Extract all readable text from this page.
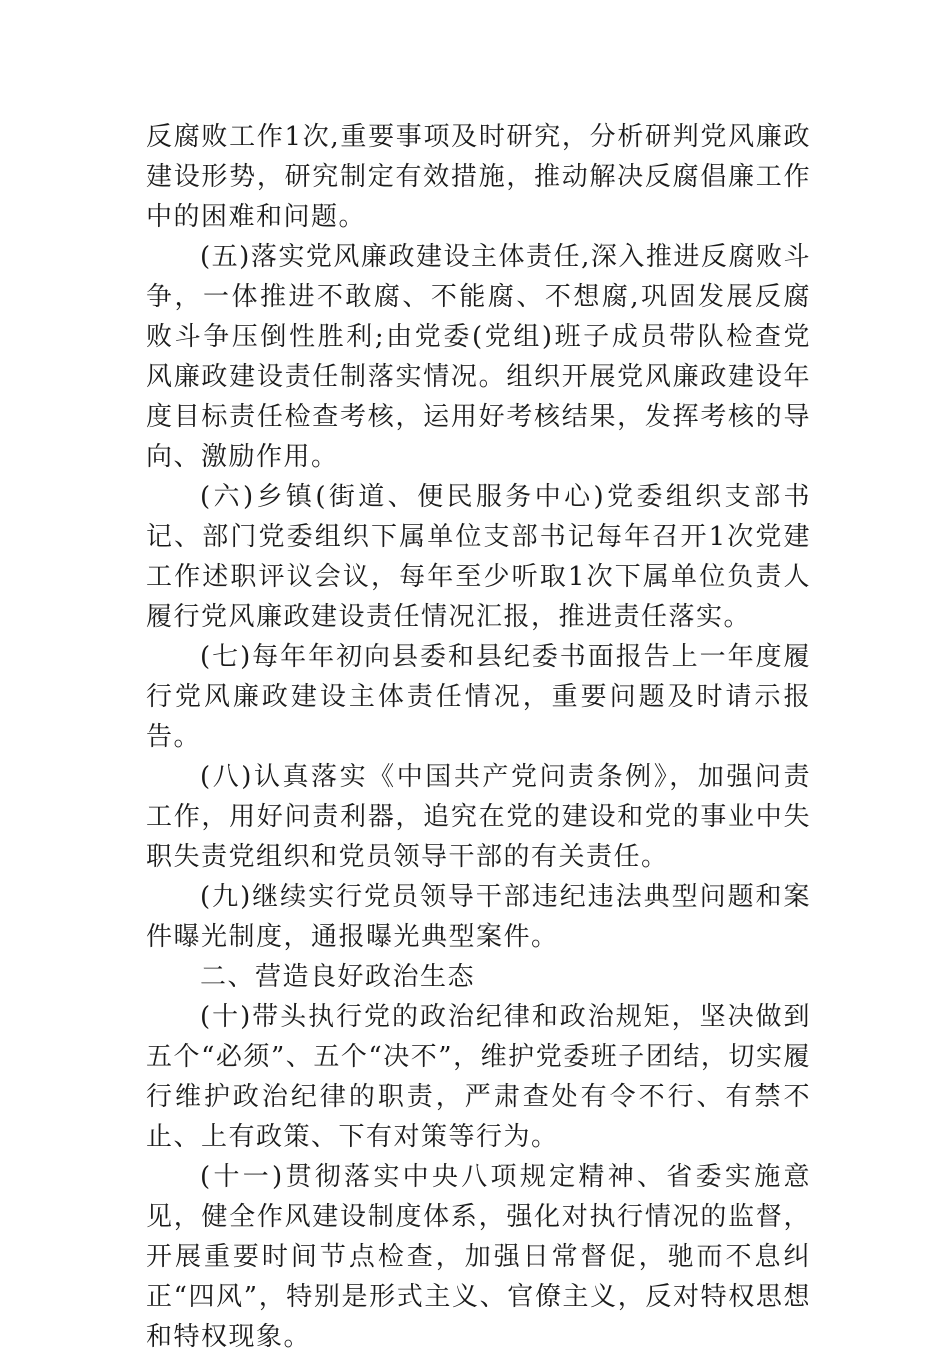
反腐败工作1次,重要事项及时研究，分析研判党风廉政建设形势，研究制定有效措施，推动解决反腐倡廉工作中的困难和问题。

(五)落实党风廉政建设主体责任,深入推进反腐败斗争，一体推进不敢腐、不能腐、不想腐,巩固发展反腐败斗争压倒性胜利;由党委(党组)班子成员带队检查党风廉政建设责任制落实情况。组织开展党风廉政建设年度目标责任检查考核，运用好考核结果，发挥考核的导向、激励作用。

(六)乡镇(街道、便民服务中心)党委组织支部书记、部门党委组织下属单位支部书记每年召开1次党建工作述职评议会议，每年至少听取1次下属单位负责人履行党风廉政建设责任情况汇报，推进责任落实。

(七)每年年初向县委和县纪委书面报告上一年度履行党风廉政建设主体责任情况，重要问题及时请示报告。

(八)认真落实《中国共产党问责条例》，加强问责工作，用好问责利器，追究在党的建设和党的事业中失职失责党组织和党员领导干部的有关责任。

(九)继续实行党员领导干部违纪违法典型问题和案件曝光制度，通报曝光典型案件。

二、营造良好政治生态

(十)带头执行党的政治纪律和政治规矩，坚决做到五个“必须”、五个“决不”，维护党委班子团结，切实履行维护政治纪律的职责，严肃查处有令不行、有禁不止、上有政策、下有对策等行为。

(十一)贯彻落实中央八项规定精神、省委实施意见，健全作风建设制度体系，强化对执行情况的监督，开展重要时间节点检查，加强日常督促，驰而不息纠正“四风”，特别是形式主义、官僚主义，反对特权思想和特权现象。
